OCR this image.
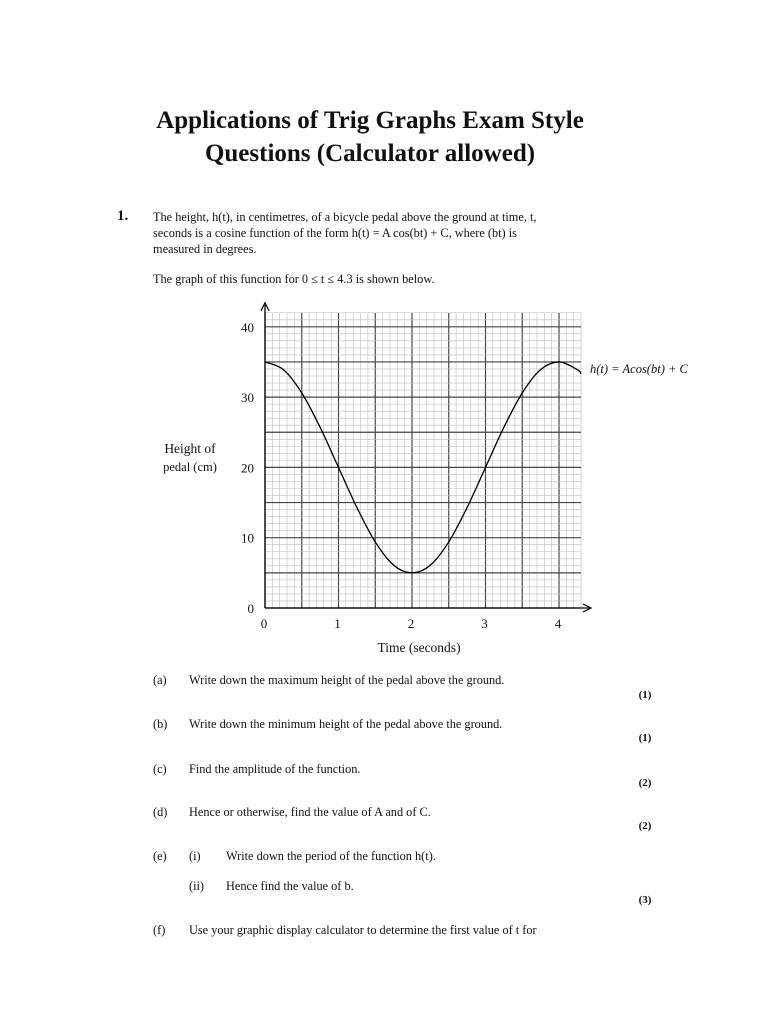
Applications of Trig Graphs Exam Style
Questions (Calculator allowed)
1. The height, h(t), in centimetres, of a bicycle pedal above the ground at time, t,
seconds is a cosine function of the form h(t) = A cos(bt) + C, where (bt) is
measured in degrees.
The graph of this function for 0 ≤ t ≤ 4.3 is shown below.
0
10
20
30
40
0	1	2	3	4
Height of
pedal (cm)
Time (seconds)
h(t) = Acos(bt) + C
(a) Write down the maximum height of the pedal above the ground.
(1)
(b) Write down the minimum height of the pedal above the ground.
(1)
(c) Find the amplitude of the function.
(2)
(d) Hence or otherwise, find the value of A and of C.
(2)
(e) (i) Write down the period of the function h(t).
(ii) Hence find the value of b.
(3)
(f) Use your graphic display calculator to determine the first value of t for
